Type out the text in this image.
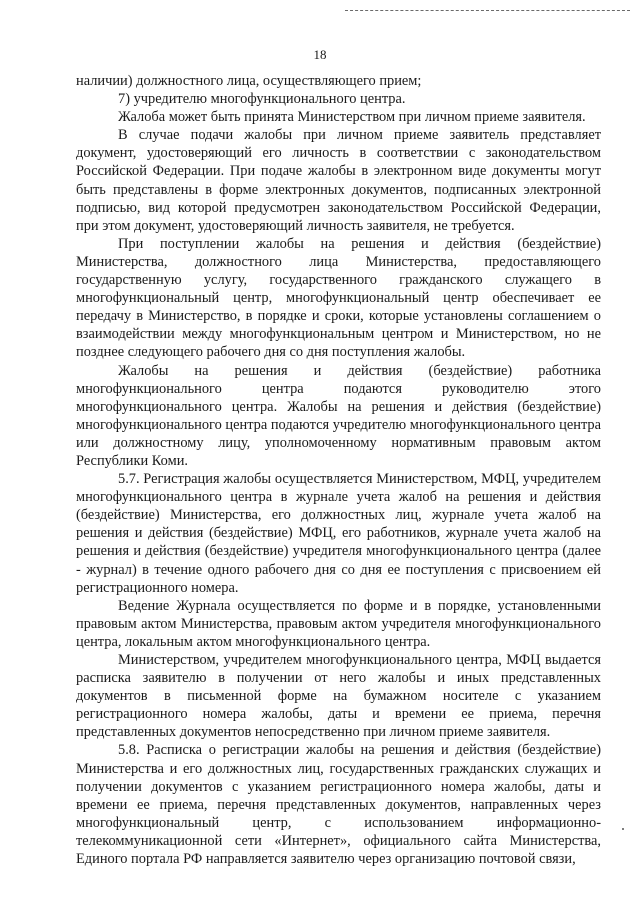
18

наличии) должностного лица, осуществляющего прием;

7) учредителю многофункционального центра.

Жалоба может быть принята Министерством при личном приеме заявителя.

В случае подачи жалобы при личном приеме заявитель представляет документ, удостоверяющий его личность в соответствии с законодательством Российской Федерации. При подаче жалобы в электронном виде документы могут быть представлены в форме электронных документов, подписанных электронной подписью, вид которой предусмотрен законодательством Российской Федерации, при этом документ, удостоверяющий личность заявителя, не требуется.

При поступлении жалобы на решения и действия (бездействие) Министерства, должностного лица Министерства, предоставляющего государственную услугу, государственного гражданского служащего в многофункциональный центр, многофункциональный центр обеспечивает ее передачу в Министерство, в порядке и сроки, которые установлены соглашением о взаимодействии между многофункциональным центром и Министерством, но не позднее следующего рабочего дня со дня поступления жалобы.

Жалобы на решения и действия (бездействие) работника многофункционального центра подаются руководителю этого многофункционального центра. Жалобы на решения и действия (бездействие) многофункционального центра подаются учредителю многофункционального центра или должностному лицу, уполномоченному нормативным правовым актом Республики Коми.

5.7. Регистрация жалобы осуществляется Министерством, МФЦ, учредителем многофункционального центра в журнале учета жалоб на решения и действия (бездействие) Министерства, его должностных лиц, журнале учета жалоб на решения и действия (бездействие) МФЦ, его работников, журнале учета жалоб на решения и действия (бездействие) учредителя многофункционального центра (далее - журнал) в течение одного рабочего дня со дня ее поступления с присвоением ей регистрационного номера.

Ведение Журнала осуществляется по форме и в порядке, установленными правовым актом Министерства, правовым актом учредителя многофункционального центра, локальным актом многофункционального центра.

Министерством, учредителем многофункционального центра, МФЦ выдается расписка заявителю в получении от него жалобы и иных представленных документов в письменной форме на бумажном носителе с указанием регистрационного номера жалобы, даты и времени ее приема, перечня представленных документов непосредственно при личном приеме заявителя.

5.8. Расписка о регистрации жалобы на решения и действия (бездействие) Министерства и его должностных лиц, государственных гражданских служащих и получении документов с указанием регистрационного номера жалобы, даты и времени ее приема, перечня представленных документов, направленных через многофункциональный центр, с использованием информационно-телекоммуникационной сети «Интернет», официального сайта Министерства, Единого портала РФ направляется заявителю через организацию почтовой связи,
